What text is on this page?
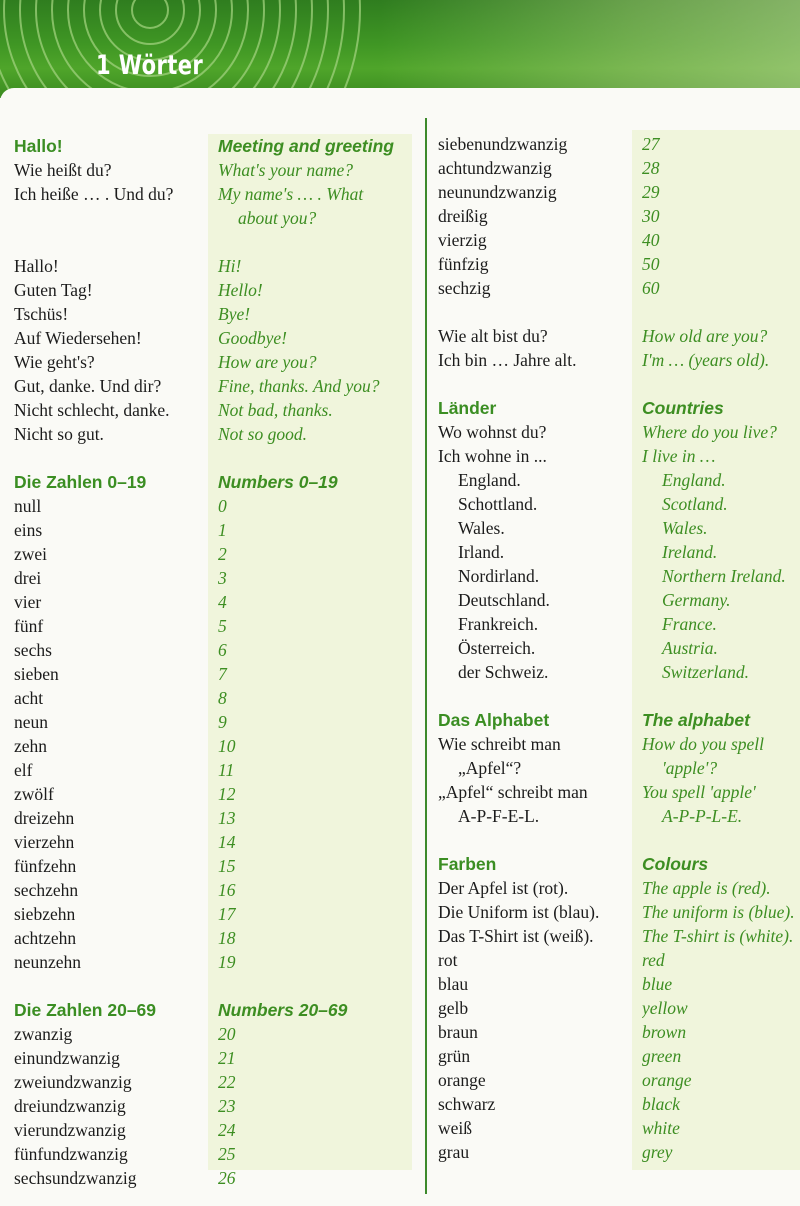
1 Wörter
Hallo!
Wie heißt du?
Ich heiße … . Und du?
Hallo!
Guten Tag!
Tschüs!
Auf Wiedersehen!
Wie geht's?
Gut, danke. Und dir?
Nicht schlecht, danke.
Nicht so gut.
Die Zahlen 0–19
null
eins
zwei
drei
vier
fünf
sechs
sieben
acht
neun
zehn
elf
zwölf
dreizehn
vierzehn
fünfzehn
sechzehn
siebzehn
achtzehn
neunzehn
Die Zahlen 20–69
zwanzig
einundzwanzig
zweiundzwanzig
dreiundzwanzig
vierundzwanzig
fünfundzwanzig
sechsundzwanzig
Meeting and greeting
What's your name?
My name's … . What
about you?
Hi!
Hello!
Bye!
Goodbye!
How are you?
Fine, thanks. And you?
Not bad, thanks.
Not so good.
Numbers 0–19
0
1
2
3
4
5
6
7
8
9
10
11
12
13
14
15
16
17
18
19
Numbers 20–69
20
21
22
23
24
25
26
siebenundzwanzig
achtundzwanzig
neunundzwanzig
dreißig
vierzig
fünfzig
sechzig
Wie alt bist du?
Ich bin … Jahre alt.
Länder
Wo wohnst du?
Ich wohne in ...
England.
Schottland.
Wales.
Irland.
Nordirland.
Deutschland.
Frankreich.
Österreich.
der Schweiz.
Das Alphabet
Wie schreibt man
„Apfel“?
„Apfel“ schreibt man
A-P-F-E-L.
Farben
Der Apfel ist (rot).
Die Uniform ist (blau).
Das T-Shirt ist (weiß).
rot
blau
gelb
braun
grün
orange
schwarz
weiß
grau
27
28
29
30
40
50
60
How old are you?
I'm … (years old).
Countries
Where do you live?
I live in …
England.
Scotland.
Wales.
Ireland.
Northern Ireland.
Germany.
France.
Austria.
Switzerland.
The alphabet
How do you spell
'apple'?
You spell 'apple'
A-P-P-L-E.
Colours
The apple is (red).
The uniform is (blue).
The T-shirt is (white).
red
blue
yellow
brown
green
orange
black
white
grey
